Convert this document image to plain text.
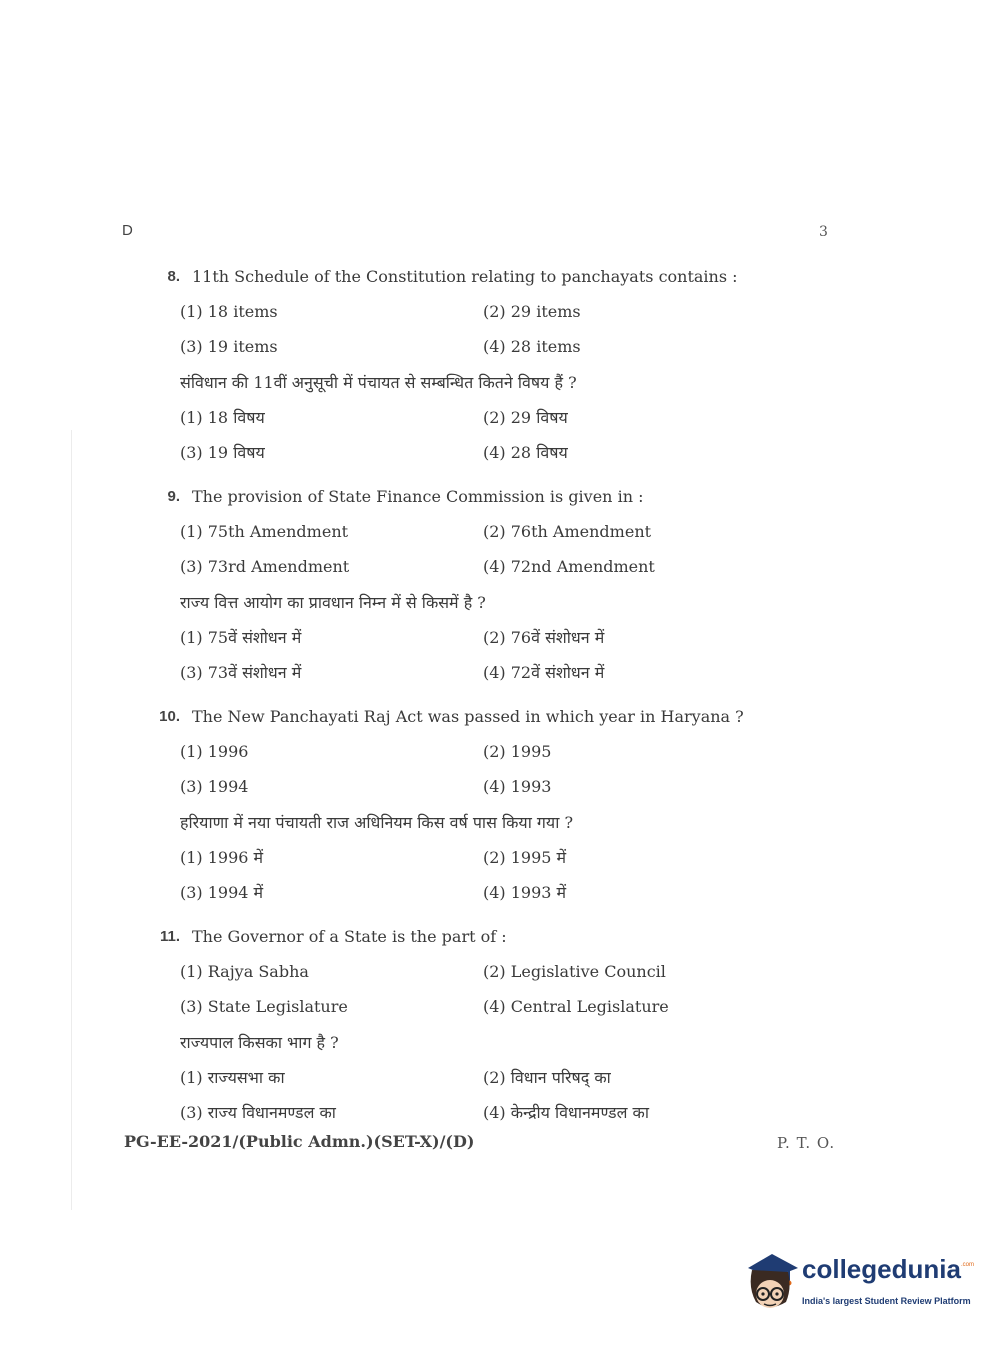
D	3
8. 11th Schedule of the Constitution relating to panchayats contains :
(1) 18 items	(2) 29 items
(3) 19 items	(4) 28 items
संविधान की 11वीं अनुसूची में पंचायत से सम्बन्धित कितने विषय हैं ?
(1) 18 विषय	(2) 29 विषय
(3) 19 विषय	(4) 28 विषय
9. The provision of State Finance Commission is given in :
(1) 75th Amendment	(2) 76th Amendment
(3) 73rd Amendment	(4) 72nd Amendment
राज्य वित्त आयोग का प्रावधान निम्न में से किसमें है ?
(1) 75वें संशोधन में	(2) 76वें संशोधन में
(3) 73वें संशोधन में	(4) 72वें संशोधन में
10. The New Panchayati Raj Act was passed in which year in Haryana ?
(1) 1996	(2) 1995
(3) 1994	(4) 1993
हरियाणा में नया पंचायती राज अधिनियम किस वर्ष पास किया गया ?
(1) 1996 में	(2) 1995 में
(3) 1994 में	(4) 1993 में
11. The Governor of a State is the part of :
(1) Rajya Sabha	(2) Legislative Council
(3) State Legislature	(4) Central Legislature
राज्यपाल किसका भाग है ?
(1) राज्यसभा का	(2) विधान परिषद् का
(3) राज्य विधानमण्डल का	(4) केन्द्रीय विधानमण्डल का
PG-EE-2021/(Public Admn.)(SET-X)/(D)	P. T. O.
collegedunia .com
India's largest Student Review Platform
